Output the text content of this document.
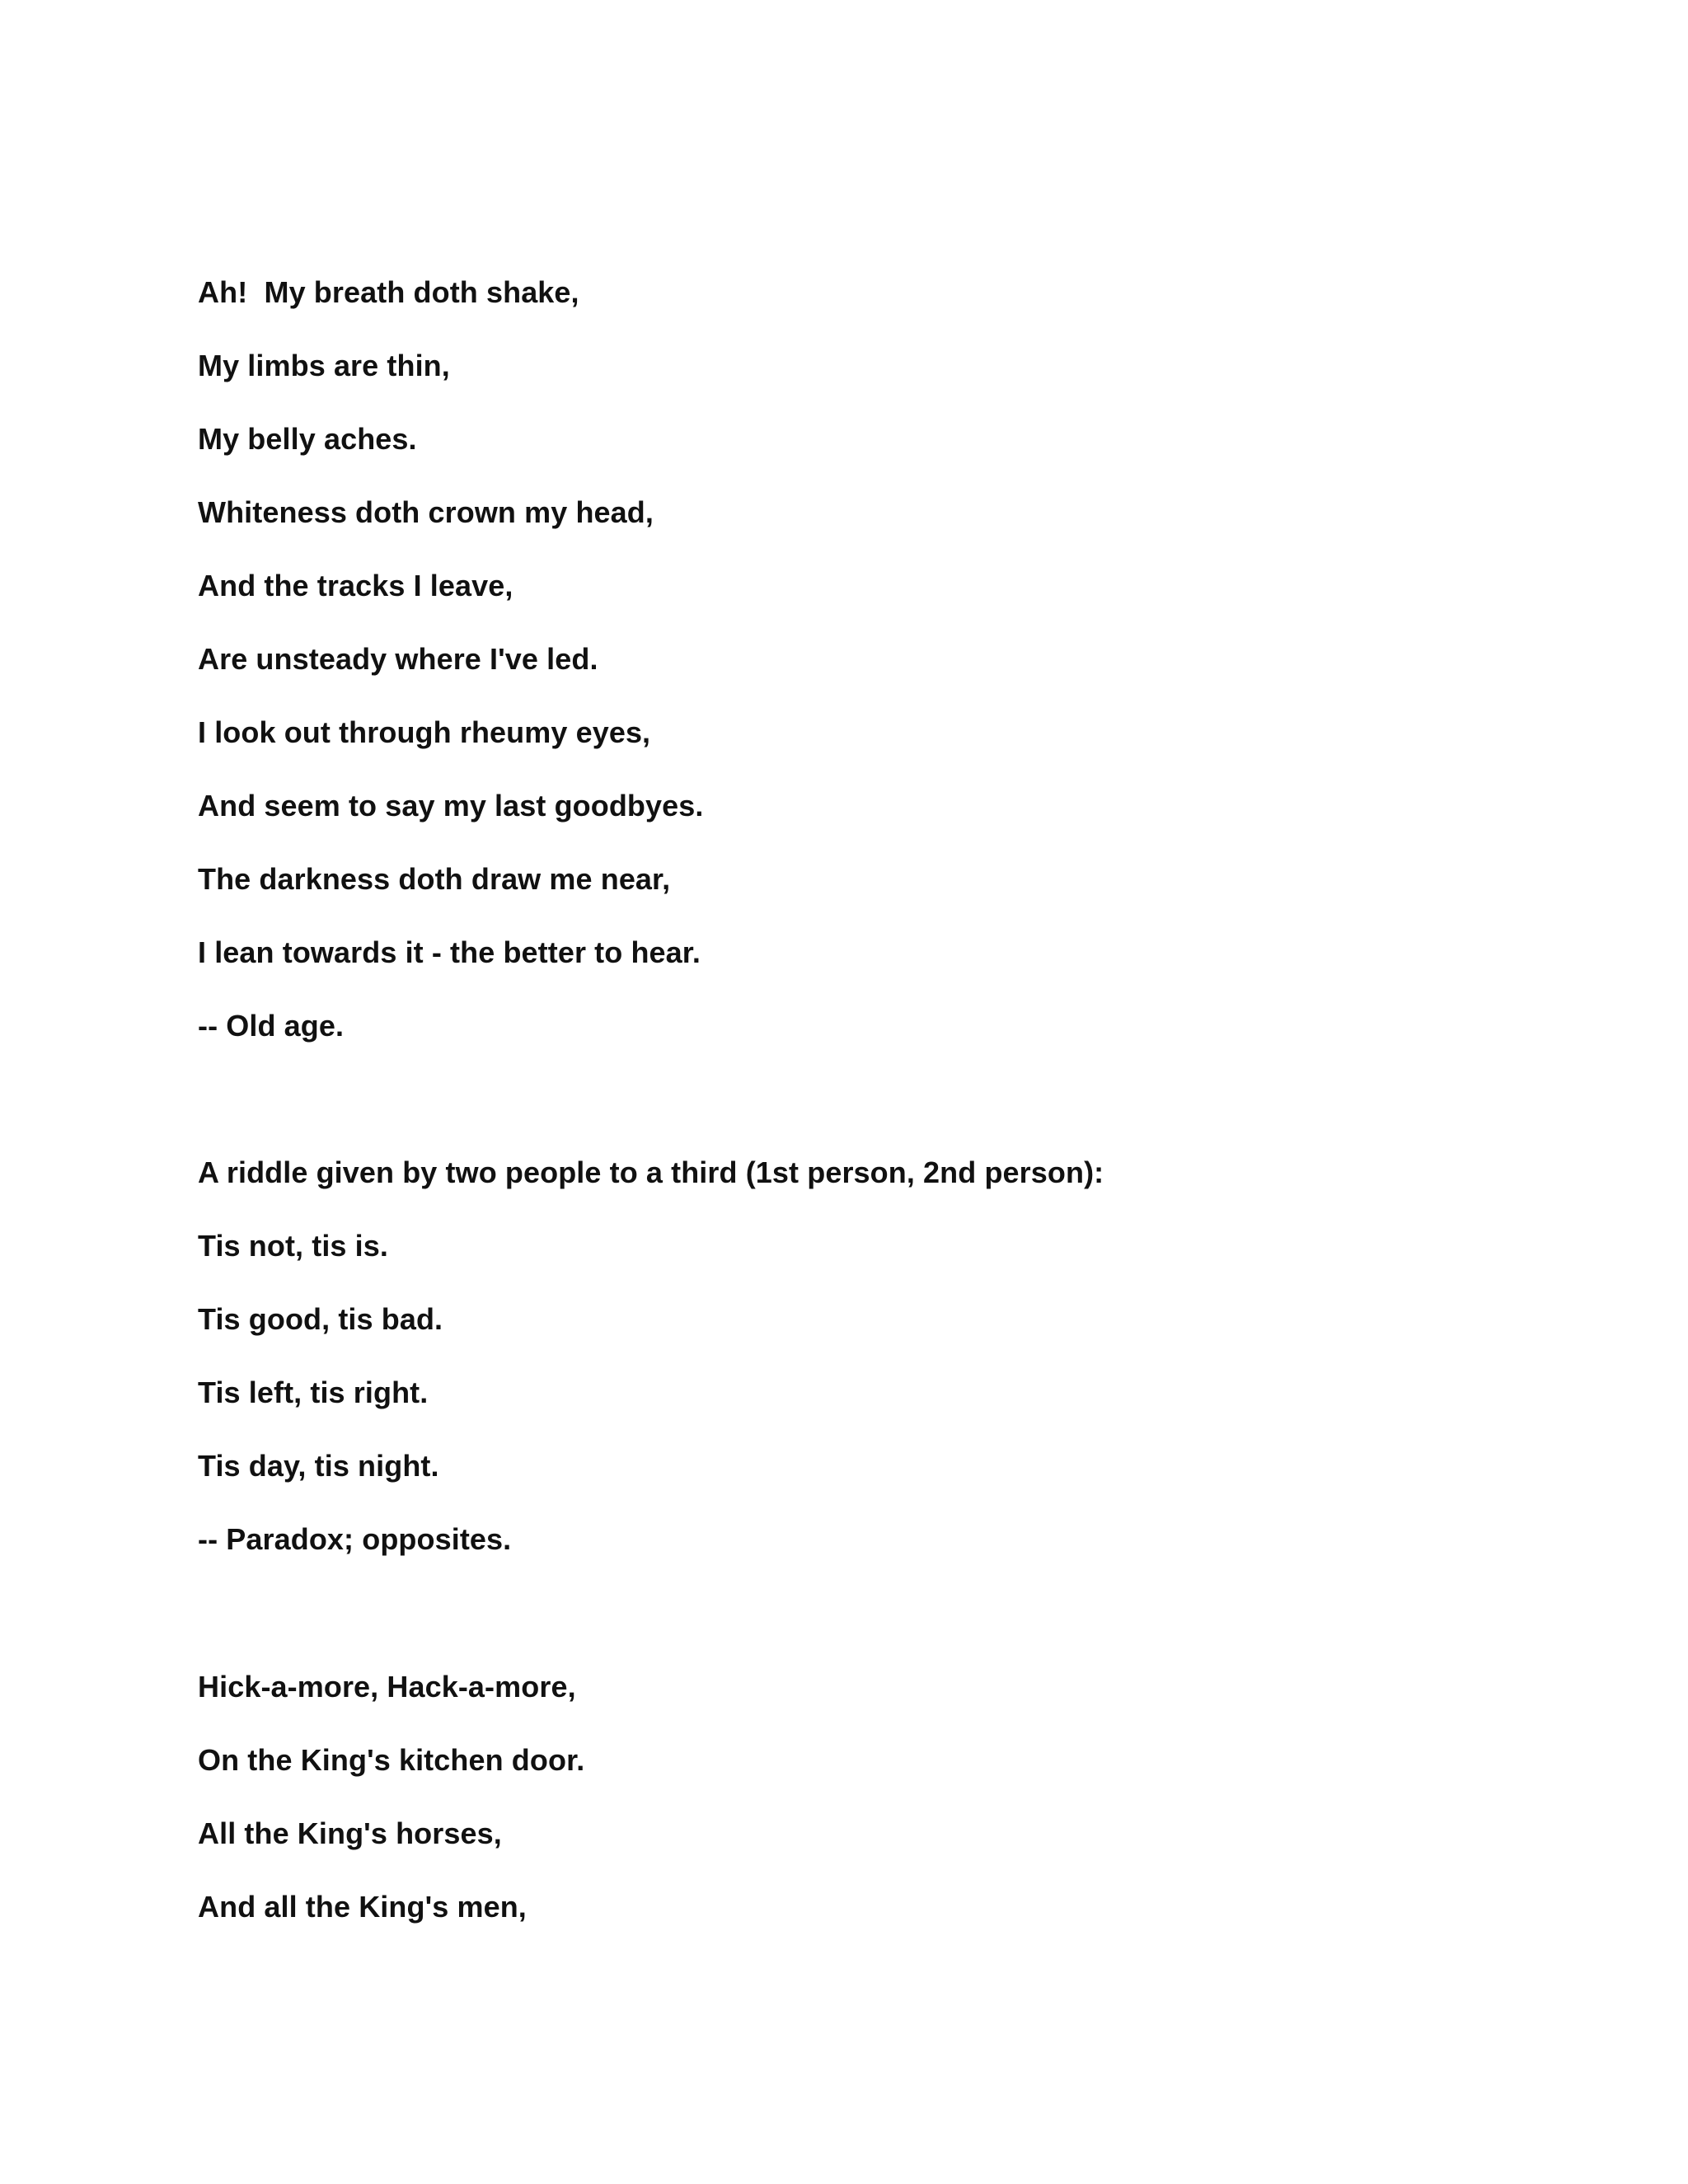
Ah!  My breath doth shake,
My limbs are thin,
My belly aches.
Whiteness doth crown my head,
And the tracks I leave,
Are unsteady where I've led.
I look out through rheumy eyes,
And seem to say my last goodbyes.
The darkness doth draw me near,
I lean towards it - the better to hear.
-- Old age.
A riddle given by two people to a third (1st person, 2nd person):
Tis not, tis is.
Tis good, tis bad.
Tis left, tis right.
Tis day, tis night.
-- Paradox; opposites.
Hick-a-more, Hack-a-more,
On the King's kitchen door.
All the King's horses,
And all the King's men,
